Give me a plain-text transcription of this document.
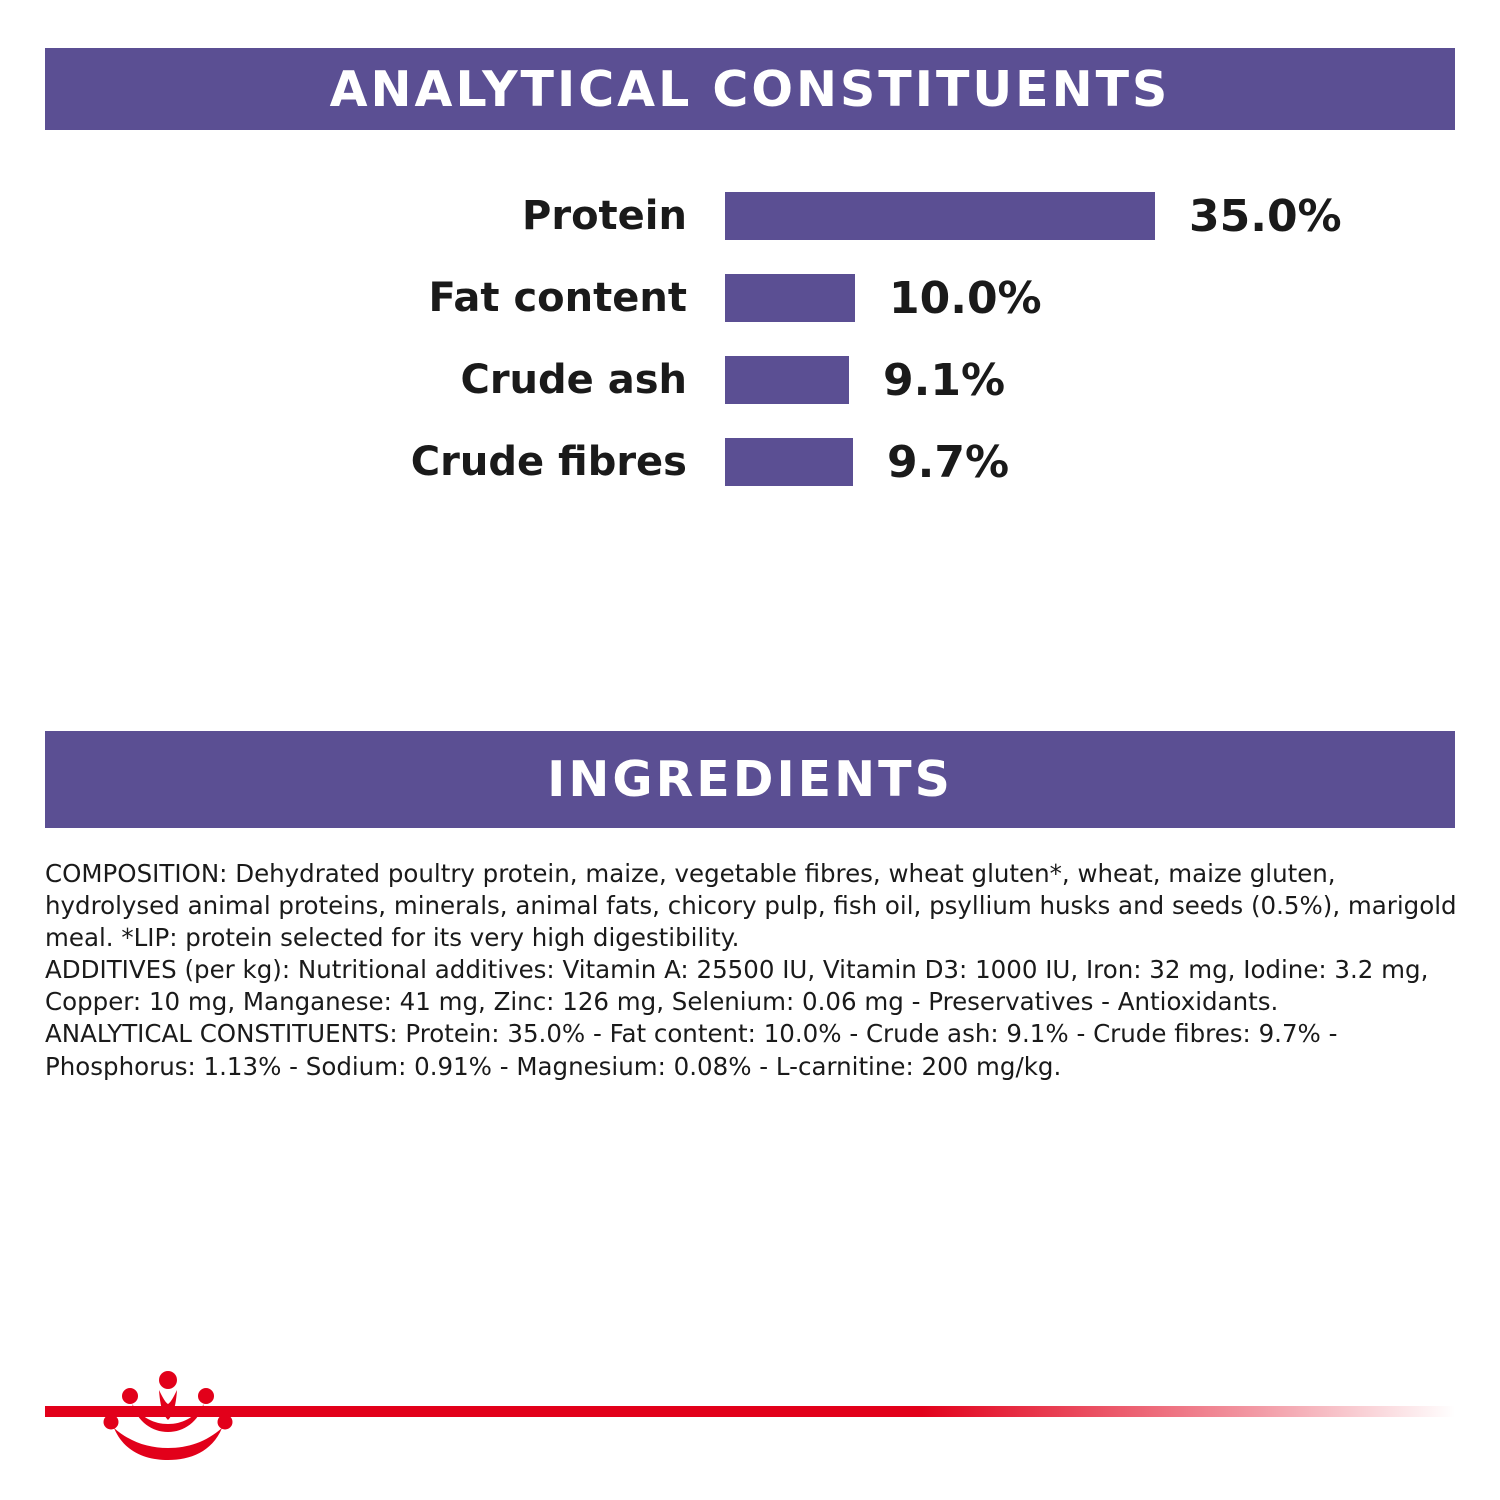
ANALYTICAL CONSTITUENTS
Protein	35.0%
Fat content	10.0%
Crude ash	9.1%
Crude fibres	9.7%
INGREDIENTS

COMPOSITION: Dehydrated poultry protein, maize, vegetable fibres, wheat gluten*, wheat, maize gluten, hydrolysed animal proteins, minerals, animal fats, chicory pulp, fish oil, psyllium husks and seeds (0.5%), marigold meal. *LIP: protein selected for its very high digestibility.

ADDITIVES (per kg): Nutritional additives: Vitamin A: 25500 IU, Vitamin D3: 1000 IU, Iron: 32 mg, Iodine: 3.2 mg, Copper: 10 mg, Manganese: 41 mg, Zinc: 126 mg, Selenium: 0.06 mg - Preservatives - Antioxidants.

ANALYTICAL CONSTITUENTS: Protein: 35.0% - Fat content: 10.0% - Crude ash: 9.1% - Crude fibres: 9.7% - Phosphorus: 1.13% - Sodium: 0.91% - Magnesium: 0.08% - L-carnitine: 200 mg/kg.
